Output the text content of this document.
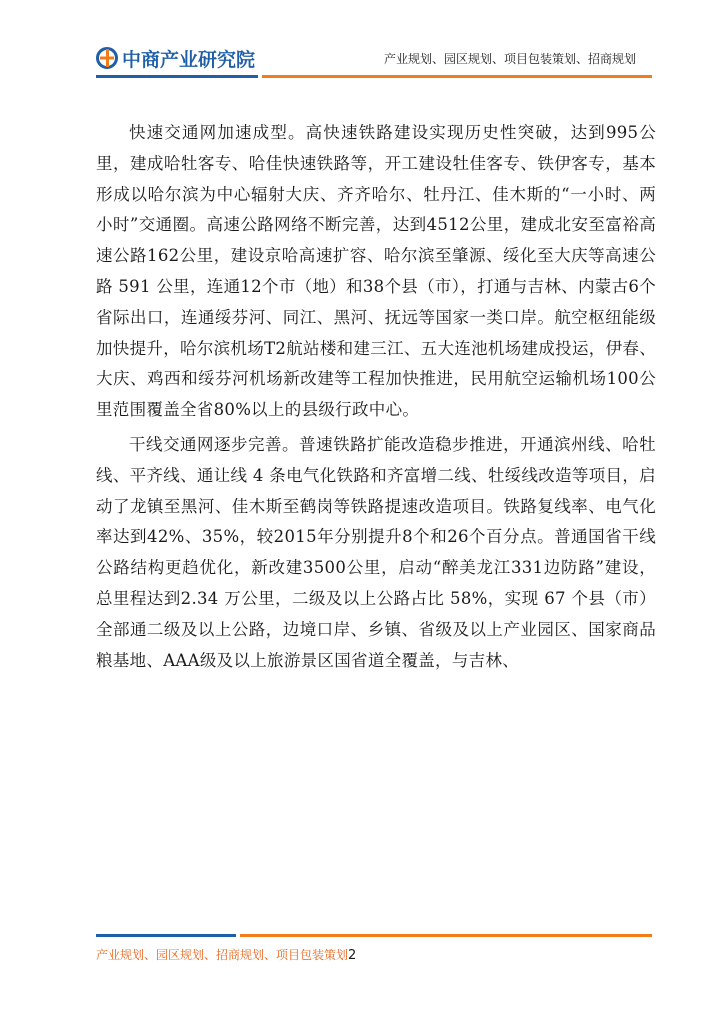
中商产业研究院	产业规划、园区规划、项目包装策划、招商规划

快速交通网加速成型。高快速铁路建设实现历史性突破，达到995公里，建成哈牡客专、哈佳快速铁路等，开工建设牡佳客专、铁伊客专，基本形成以哈尔滨为中心辐射大庆、齐齐哈尔、牡丹江、佳木斯的“一小时、两小时”交通圈。高速公路网络不断完善，达到4512公里，建成北安至富裕高速公路162公里，建设京哈高速扩容、哈尔滨至肇源、绥化至大庆等高速公路 591 公里，连通12个市（地）和38个县（市），打通与吉林、内蒙古6个省际出口，连通绥芬河、同江、黑河、抚远等国家一类口岸。航空枢纽能级加快提升，哈尔滨机场T2航站楼和建三江、五大连池机场建成投运，伊春、大庆、鸡西和绥芬河机场新改建等工程加快推进，民用航空运输机场100公里范围覆盖全省80%以上的县级行政中心。

干线交通网逐步完善。普速铁路扩能改造稳步推进，开通滨州线、哈牡线、平齐线、通让线 4 条电气化铁路和齐富增二线、牡绥线改造等项目，启动了龙镇至黑河、佳木斯至鹤岗等铁路提速改造项目。铁路复线率、电气化率达到42%、35%，较2015年分别提升8个和26个百分点。普通国省干线公路结构更趋优化，新改建3500公里，启动“醉美龙江331边防路”建设，总里程达到2.34 万公里，二级及以上公路占比 58%，实现 67 个县（市）全部通二级及以上公路，边境口岸、乡镇、省级及以上产业园区、国家商品粮基地、AAA级及以上旅游景区国省道全覆盖，与吉林、

产业规划、园区规划、招商规划、项目包装策划2
